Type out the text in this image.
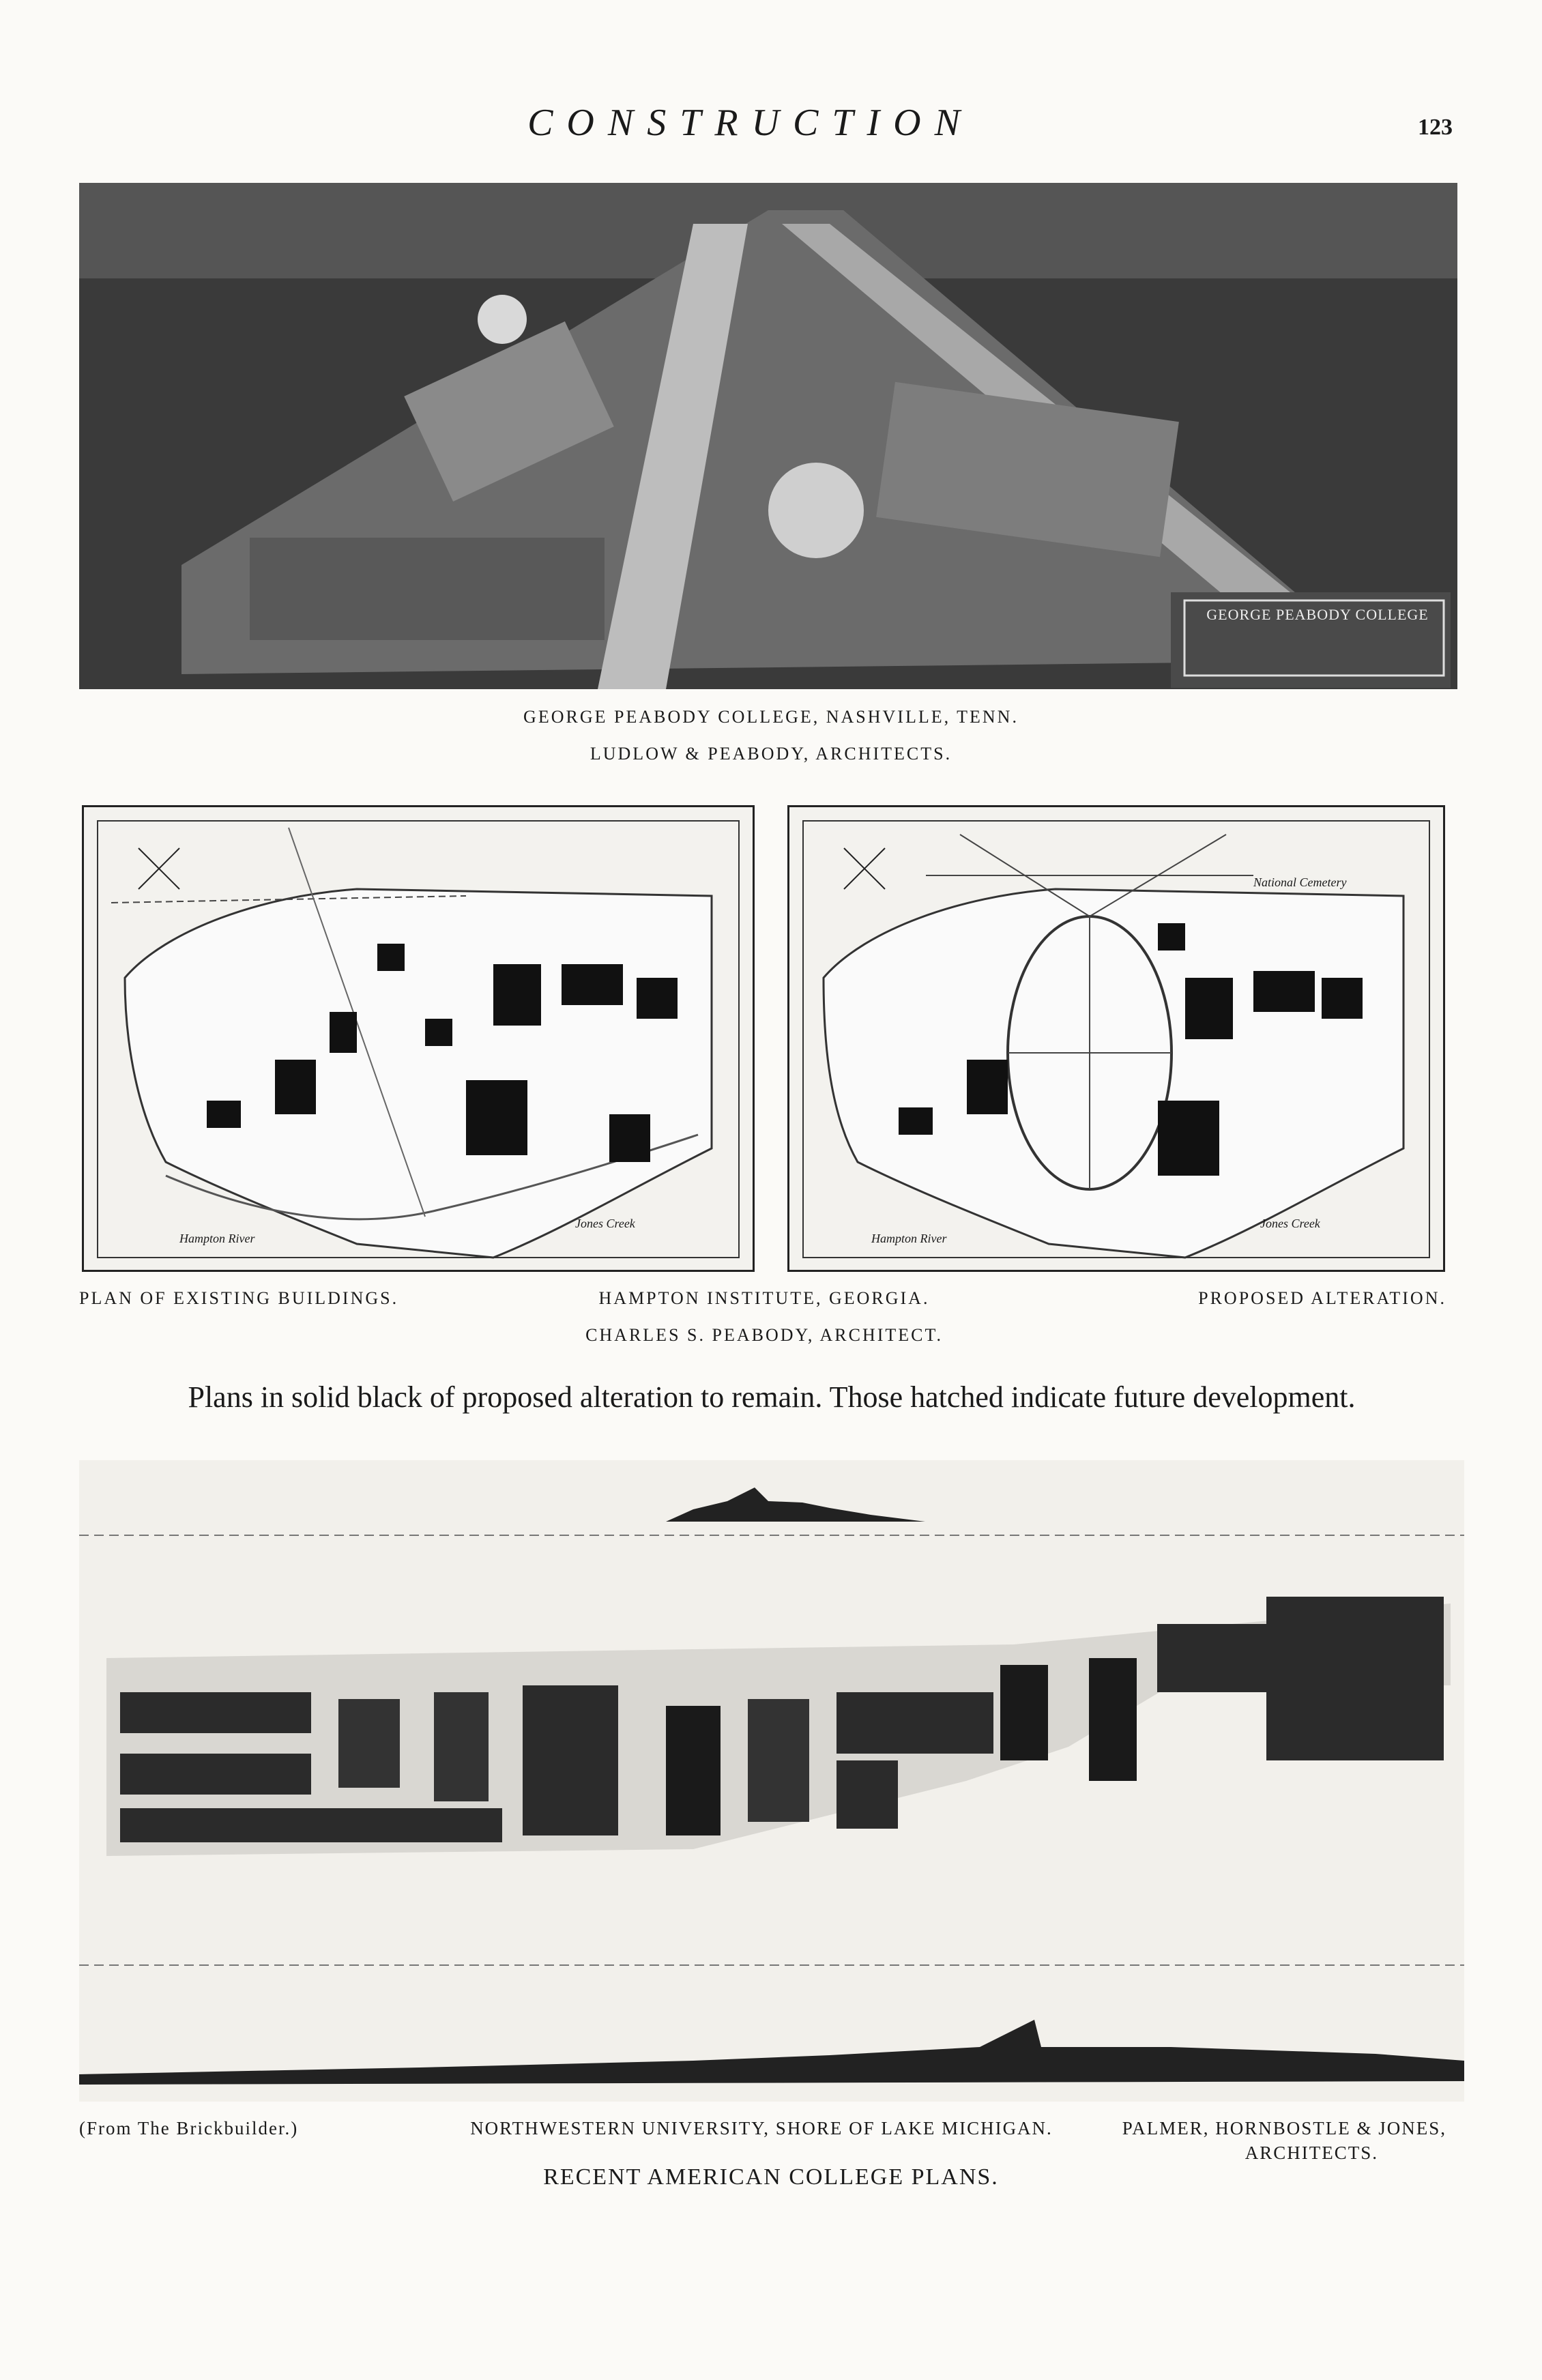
CONSTRUCTION	123
GEORGE PEABODY COLLEGE
GEORGE PEABODY COLLEGE, NASHVILLE, TENN.
LUDLOW & PEABODY, ARCHITECTS.
Hampton River
Jones Creek
Hampton River
Jones Creek
National Cemetery
PLAN OF EXISTING BUILDINGS.	HAMPTON INSTITUTE, GEORGIA.
CHARLES S. PEABODY, ARCHITECT.
PROPOSED ALTERATION.
Plans in solid black of proposed alteration to remain. Those hatched indicate future development.
(From The Brickbuilder.)	NORTHWESTERN UNIVERSITY, SHORE OF LAKE MICHIGAN.	PALMER, HORNBOSTLE & JONES,
ARCHITECTS.
RECENT AMERICAN COLLEGE PLANS.
